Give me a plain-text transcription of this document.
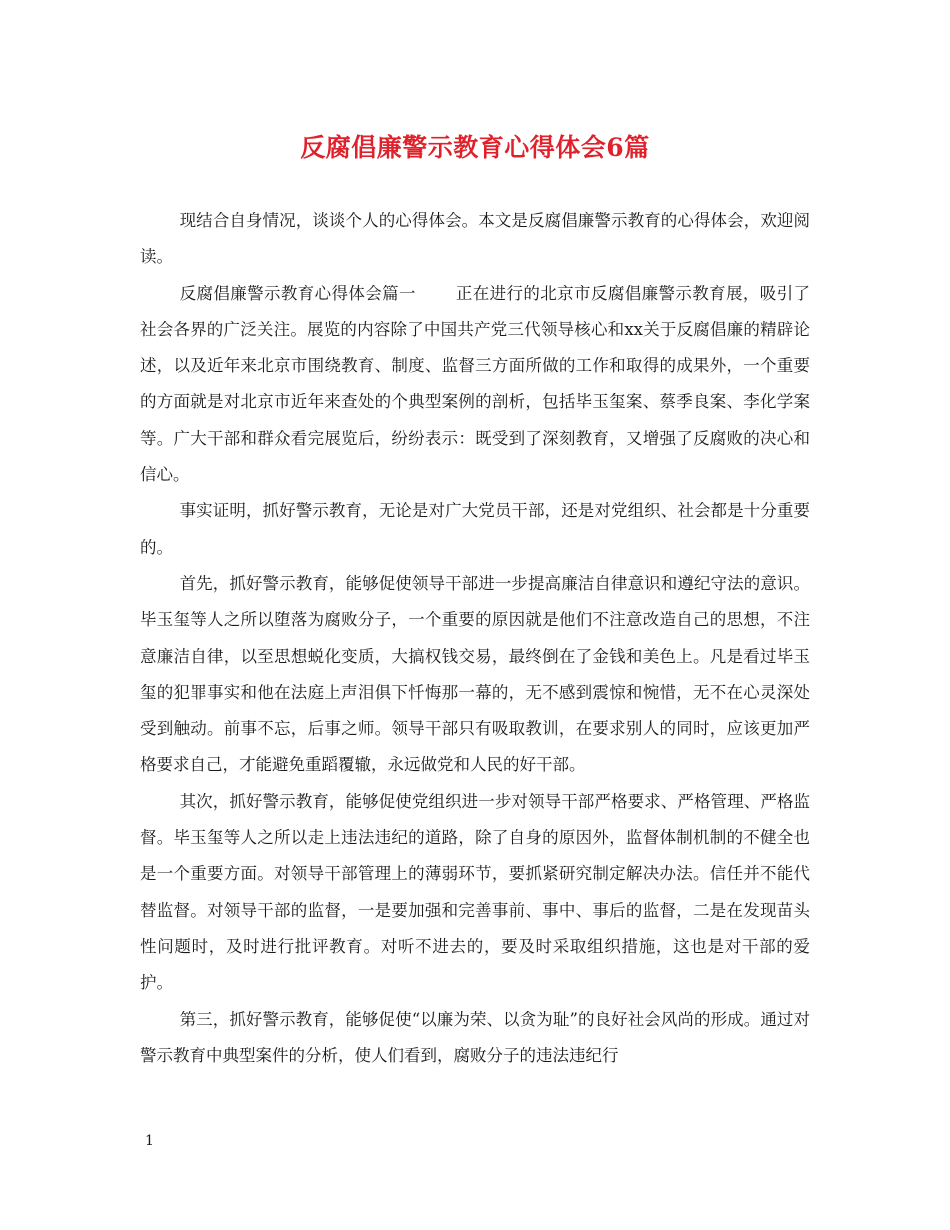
反腐倡廉警示教育心得体会6篇

现结合自身情况，谈谈个人的心得体会。本文是反腐倡廉警示教育的心得体会，欢迎阅读。

反腐倡廉警示教育心得体会篇一 正在进行的北京市反腐倡廉警示教育展，吸引了社会各界的广泛关注。展览的内容除了中国共产党三代领导核心和xx关于反腐倡廉的精辟论述，以及近年来北京市围绕教育、制度、监督三方面所做的工作和取得的成果外，一个重要的方面就是对北京市近年来查处的个典型案例的剖析，包括毕玉玺案、蔡季良案、李化学案等。广大干部和群众看完展览后，纷纷表示：既受到了深刻教育，又增强了反腐败的决心和信心。

事实证明，抓好警示教育，无论是对广大党员干部，还是对党组织、社会都是十分重要的。

首先，抓好警示教育，能够促使领导干部进一步提高廉洁自律意识和遵纪守法的意识。毕玉玺等人之所以堕落为腐败分子，一个重要的原因就是他们不注意改造自己的思想，不注意廉洁自律，以至思想蜕化变质，大搞权钱交易，最终倒在了金钱和美色上。凡是看过毕玉玺的犯罪事实和他在法庭上声泪俱下忏悔那一幕的，无不感到震惊和惋惜，无不在心灵深处受到触动。前事不忘，后事之师。领导干部只有吸取教训，在要求别人的同时，应该更加严格要求自己，才能避免重蹈覆辙，永远做党和人民的好干部。

其次，抓好警示教育，能够促使党组织进一步对领导干部严格要求、严格管理、严格监督。毕玉玺等人之所以走上违法违纪的道路，除了自身的原因外，监督体制机制的不健全也是一个重要方面。对领导干部管理上的薄弱环节，要抓紧研究制定解决办法。信任并不能代替监督。对领导干部的监督，一是要加强和完善事前、事中、事后的监督，二是在发现苗头性问题时，及时进行批评教育。对听不进去的，要及时采取组织措施，这也是对干部的爱护。

第三，抓好警示教育，能够促使“以廉为荣、以贪为耻”的良好社会风尚的形成。通过对警示教育中典型案件的分析，使人们看到，腐败分子的违法违纪行

1
